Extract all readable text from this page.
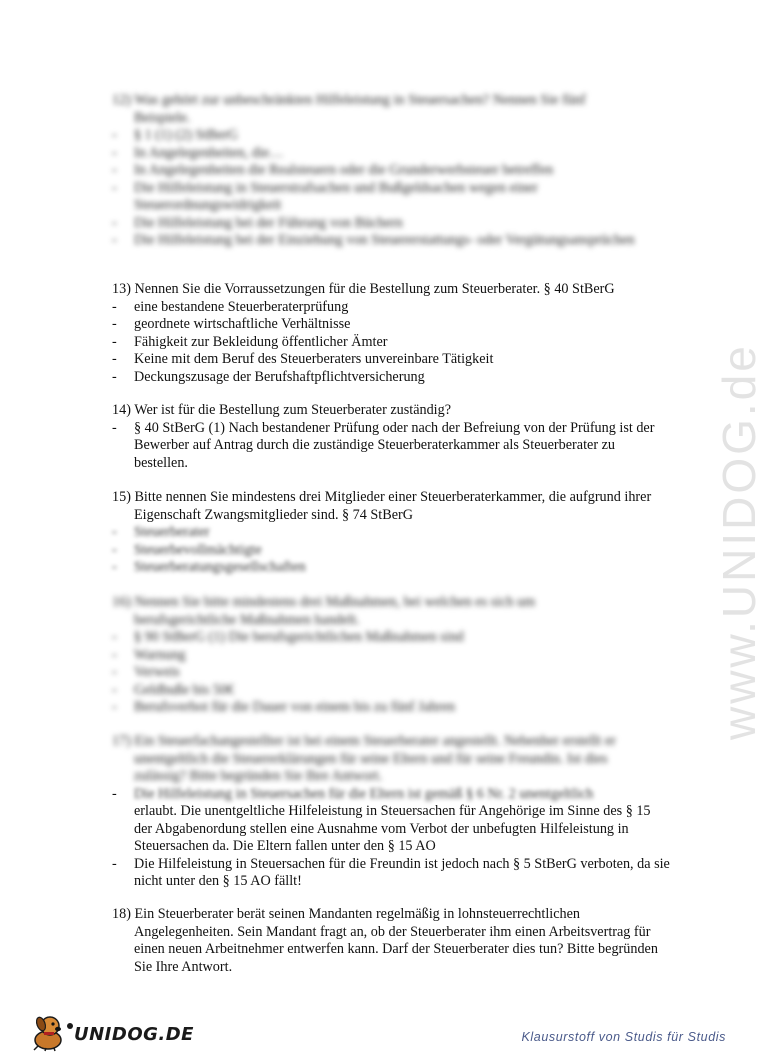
www.UNIDOG.de

12) Was gehört zur unbeschränkten Hilfeleistung in Steuersachen? Nennen Sie fünf
Beispiele.

- § 1 (1) (2) StBerG
- In Angelegenheiten, die…
- In Angelegenheiten die Realsteuern oder die Grunderwerbsteuer betreffen
- Die Hilfeleistung in Steuerstrafsachen und Bußgeldsachen wegen einer Steuerordnungswidrigkeit
- Die Hilfeleistung bei der Führung von Büchern
- Die Hilfeleistung bei der Einziehung von Steuererstattungs- oder Vergütungsansprüchen

13) Nennen Sie die Vorraussetzungen für die Bestellung zum Steuerberater. § 40 StBerG

- eine bestandene Steuerberaterprüfung
- geordnete wirtschaftliche Verhältnisse
- Fähigkeit zur Bekleidung öffentlicher Ämter
- Keine mit dem Beruf des Steuerberaters unvereinbare Tätigkeit
- Deckungszusage der Berufshaftpflichtversicherung

14) Wer ist für die Bestellung zum Steuerberater zuständig?

- § 40 StBerG (1) Nach bestandener Prüfung oder nach der Befreiung von der Prüfung ist der Bewerber auf Antrag durch die zuständige Steuerberaterkammer als Steuerberater zu bestellen.

15) Bitte nennen Sie mindestens drei Mitglieder einer Steuerberaterkammer, die aufgrund ihrer Eigenschaft Zwangsmitglieder sind. § 74 StBerG

- Steuerberater
- Steuerbevollmächtigte
- Steuerberatungsgesellschaften

16) Nennen Sie bitte mindestens drei Maßnahmen, bei welchen es sich um
berufsgerichtliche Maßnahmen handelt.

- § 90 StBerG (1) Die berufsgerichtlichen Maßnahmen sind
- Warnung
- Verweis
- Geldbuße bis 50€
- Berufsverbot für die Dauer von einem bis zu fünf Jahren

17) Ein Steuerfachangestellter ist bei einem Steuerberater angestellt. Nebenher erstellt er
unentgeltlich die Steuererklärungen für seine Eltern und für seine Freundin. Ist dies
zulässig? Bitte begründen Sie Ihre Antwort.

- Die Hilfeleistung in Steuersachen für die Eltern ist gemäß § 6 Nr. 2 unentgeltlich
erlaubt. Die unentgeltliche Hilfeleistung in Steuersachen für Angehörige im Sinne des § 15 der Abgabenordung stellen eine Ausnahme vom Verbot der unbefugten Hilfeleistung in Steuersachen da. Die Eltern fallen unter den § 15 AO
- Die Hilfeleistung in Steuersachen für die Freundin ist jedoch nach § 5 StBerG verboten, da sie nicht unter den § 15 AO fällt!

18) Ein Steuerberater berät seinen Mandanten regelmäßig in lohnsteuerrechtlichen Angelegenheiten. Sein Mandant fragt an, ob der Steuerberater ihm einen Arbeitsvertrag für einen neuen Arbeitnehmer entwerfen kann. Darf der Steuerberater dies tun? Bitte begründen Sie Ihre Antwort.

UNIDOG.DE	Klausurstoff von Studis für Studis
